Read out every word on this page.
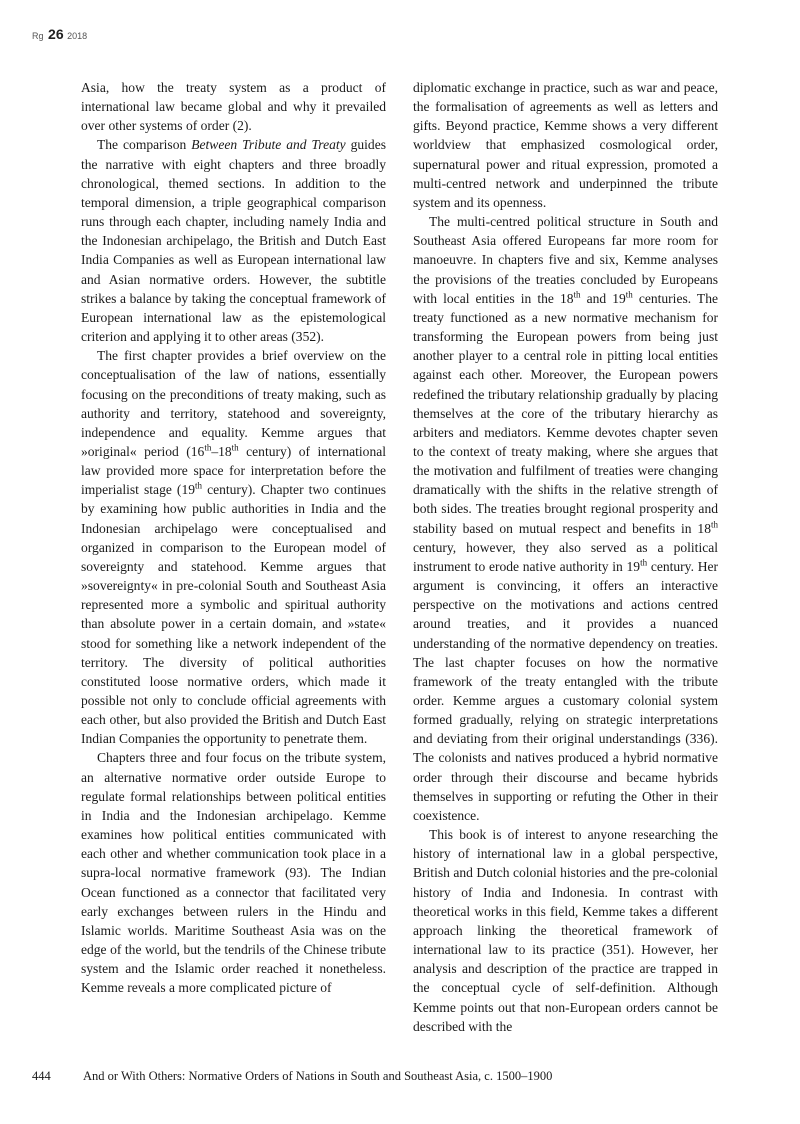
Rg 26 2018

Asia, how the treaty system as a product of international law became global and why it prevailed over other systems of order (2).

The comparison Between Tribute and Treaty guides the narrative with eight chapters and three broadly chronological, themed sections. In addition to the temporal dimension, a triple geographical comparison runs through each chapter, including namely India and the Indonesian archipelago, the British and Dutch East India Companies as well as European international law and Asian normative orders. However, the subtitle strikes a balance by taking the conceptual framework of European international law as the epistemological criterion and applying it to other areas (352).

The first chapter provides a brief overview on the conceptualisation of the law of nations, essentially focusing on the preconditions of treaty making, such as authority and territory, statehood and sovereignty, independence and equality. Kemme argues that »original« period (16th–18th century) of international law provided more space for interpretation before the imperialist stage (19th century). Chapter two continues by examining how public authorities in India and the Indonesian archipelago were conceptualised and organized in comparison to the European model of sovereignty and statehood. Kemme argues that »sovereignty« in pre-colonial South and Southeast Asia represented more a symbolic and spiritual authority than absolute power in a certain domain, and »state« stood for something like a network independent of the territory. The diversity of political authorities constituted loose normative orders, which made it possible not only to conclude official agreements with each other, but also provided the British and Dutch East Indian Companies the opportunity to penetrate them.

Chapters three and four focus on the tribute system, an alternative normative order outside Europe to regulate formal relationships between political entities in India and the Indonesian archipelago. Kemme examines how political entities communicated with each other and whether communication took place in a supra-local normative framework (93). The Indian Ocean functioned as a connector that facilitated very early exchanges between rulers in the Hindu and Islamic worlds. Maritime Southeast Asia was on the edge of the world, but the tendrils of the Chinese tribute system and the Islamic order reached it nonetheless. Kemme reveals a more complicated picture of

diplomatic exchange in practice, such as war and peace, the formalisation of agreements as well as letters and gifts. Beyond practice, Kemme shows a very different worldview that emphasized cosmological order, supernatural power and ritual expression, promoted a multi-centred network and underpinned the tribute system and its openness.

The multi-centred political structure in South and Southeast Asia offered Europeans far more room for manoeuvre. In chapters five and six, Kemme analyses the provisions of the treaties concluded by Europeans with local entities in the 18th and 19th centuries. The treaty functioned as a new normative mechanism for transforming the European powers from being just another player to a central role in pitting local entities against each other. Moreover, the European powers redefined the tributary relationship gradually by placing themselves at the core of the tributary hierarchy as arbiters and mediators. Kemme devotes chapter seven to the context of treaty making, where she argues that the motivation and fulfilment of treaties were changing dramatically with the shifts in the relative strength of both sides. The treaties brought regional prosperity and stability based on mutual respect and benefits in 18th century, however, they also served as a political instrument to erode native authority in 19th century. Her argument is convincing, it offers an interactive perspective on the motivations and actions centred around treaties, and it provides a nuanced understanding of the normative dependency on treaties. The last chapter focuses on how the normative framework of the treaty entangled with the tribute order. Kemme argues a customary colonial system formed gradually, relying on strategic interpretations and deviating from their original understandings (336). The colonists and natives produced a hybrid normative order through their discourse and became hybrids themselves in supporting or refuting the Other in their coexistence.

This book is of interest to anyone researching the history of international law in a global perspective, British and Dutch colonial histories and the pre-colonial history of India and Indonesia. In contrast with theoretical works in this field, Kemme takes a different approach linking the theoretical framework of international law to its practice (351). However, her analysis and description of the practice are trapped in the conceptual cycle of self-definition. Although Kemme points out that non-European orders cannot be described with the

444	And or With Others: Normative Orders of Nations in South and Southeast Asia, c. 1500–1900
